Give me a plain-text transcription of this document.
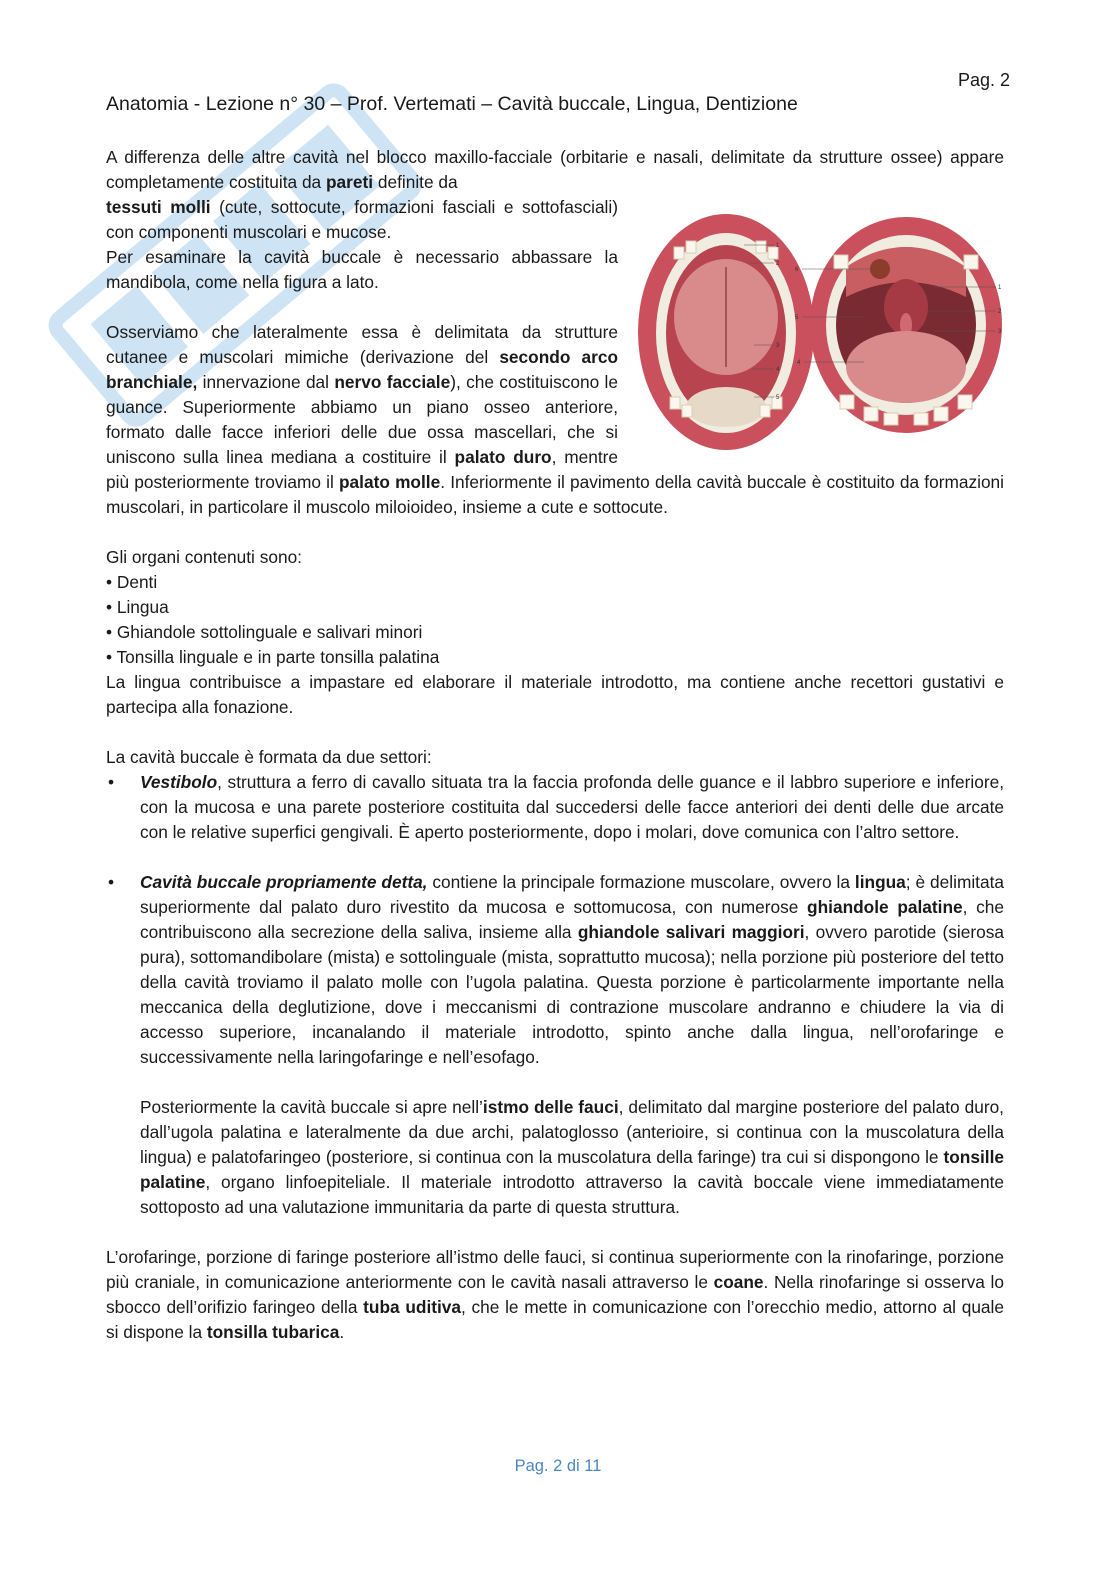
Pag. 2
Anatomia - Lezione n° 30 – Prof. Vertemati – Cavità buccale, Lingua, Dentizione

A differenza delle altre cavità nel blocco maxillo-facciale (orbitarie e nasali, delimitate da strutture ossee) appare completamente costituita da pareti definite da

1
2
3
4
5
6
5
1
2
3
4

tessuti molli (cute, sottocute, formazioni fasciali e sottofasciali) con componenti muscolari e mucose.

Per esaminare la cavità buccale è necessario abbassare la mandibola, come nella figura a lato.

Osserviamo che lateralmente essa è delimitata da strutture cutanee e muscolari mimiche (derivazione del secondo arco branchiale, innervazione dal nervo facciale), che costituiscono le guance. Superiormente abbiamo un piano osseo anteriore, formato dalle facce inferiori delle due ossa mascellari, che si uniscono sulla linea mediana a costituire il palato duro, mentre più posteriormente troviamo il palato molle. Inferiormente il pavimento della cavità buccale è costituito da formazioni muscolari, in particolare il muscolo miloioideo, insieme a cute e sottocute.

Gli organi contenuti sono:

• Denti
• Lingua
• Ghiandole sottolinguale e salivari minori
• Tonsilla linguale e in parte tonsilla palatina

La lingua contribuisce a impastare ed elaborare il materiale introdotto, ma contiene anche recettori gustativi e partecipa alla fonazione.

La cavità buccale è formata da due settori:

• Vestibolo, struttura a ferro di cavallo situata tra la faccia profonda delle guance e il labbro superiore e inferiore, con la mucosa e una parete posteriore costituita dal succedersi delle facce anteriori dei denti delle due arcate con le relative superfici gengivali. È aperto posteriormente, dopo i molari, dove comunica con l’altro settore.
• Cavità buccale propriamente detta, contiene la principale formazione muscolare, ovvero la lingua; è delimitata superiormente dal palato duro rivestito da mucosa e sottomucosa, con numerose ghiandole palatine, che contribuiscono alla secrezione della saliva, insieme alla ghiandole salivari maggiori, ovvero parotide (sierosa pura), sottomandibolare (mista) e sottolinguale (mista, soprattutto mucosa); nella porzione più posteriore del tetto della cavità troviamo il palato molle con l’ugola palatina. Questa porzione è particolarmente importante nella meccanica della deglutizione, dove i meccanismi di contrazione muscolare andranno e chiudere la via di accesso superiore, incanalando il materiale introdotto, spinto anche dalla lingua, nell’orofaringe e successivamente nella laringofaringe e nell’esofago.

Posteriormente la cavità buccale si apre nell’istmo delle fauci, delimitato dal margine posteriore del palato duro, dall’ugola palatina e lateralmente da due archi, palatoglosso (anterioire, si continua con la muscolatura della lingua) e palatofaringeo (posteriore, si continua con la muscolatura della faringe) tra cui si dispongono le tonsille palatine, organo linfoepiteliale. Il materiale introdotto attraverso la cavità boccale viene immediatamente sottoposto ad una valutazione immunitaria da parte di questa struttura.

L’orofaringe, porzione di faringe posteriore all’istmo delle fauci, si continua superiormente con la rinofaringe, porzione più craniale, in comunicazione anteriormente con le cavità nasali attraverso le coane. Nella rinofaringe si osserva lo sbocco dell’orifizio faringeo della tuba uditiva, che le mette in comunicazione con l’orecchio medio, attorno al quale si dispone la tonsilla tubarica.

Pag. 2 di 11
